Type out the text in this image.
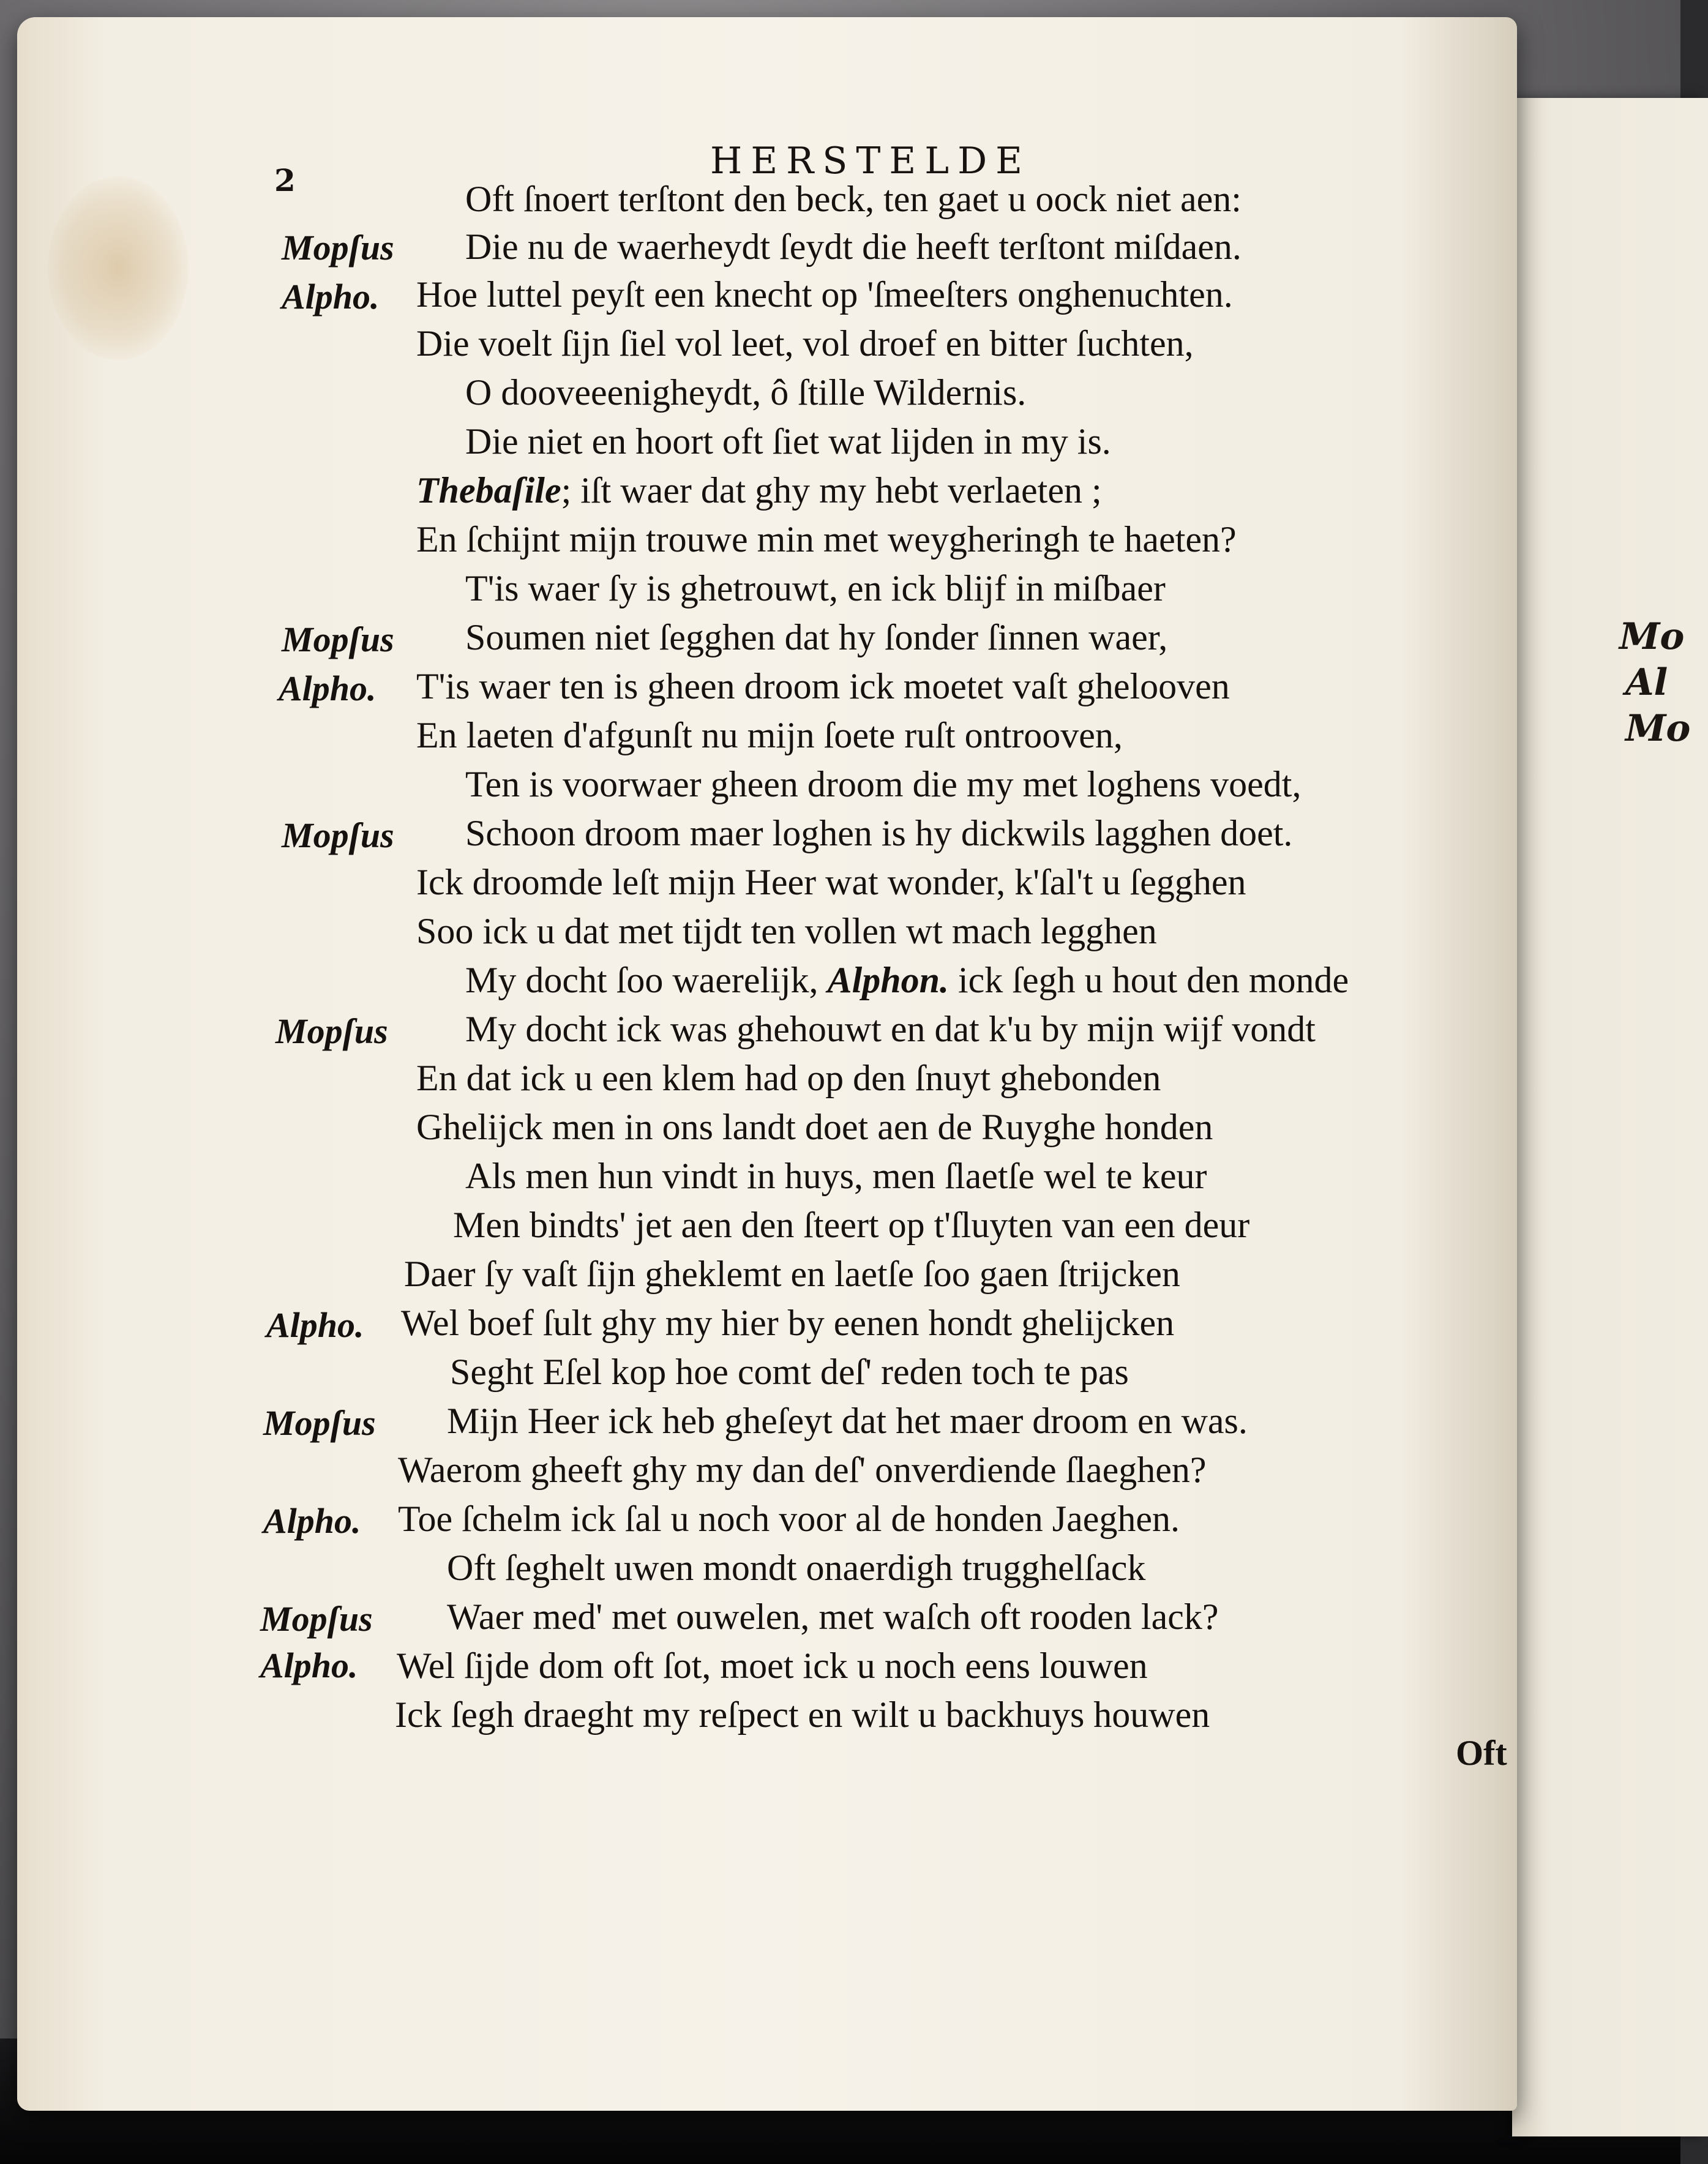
Mo
Al
Mo
2	HERSTELDE
Oft ſnoert terſtont den beck, ten gaet u oock niet aen:
Mopſus Die nu de waerheydt ſeydt die heeft terſtont miſdaen.
Alpho. Hoe luttel peyſt een knecht op 'ſmeeſters onghenuchten.
Die voelt ſijn ſiel vol leet, vol droef en bitter ſuchten,
O dooveeenigheydt, ô ſtille Wildernis.
Die niet en hoort oft ſiet wat lijden in my is.
Thebaſile; iſt waer dat ghy my hebt verlaeten ;
En ſchijnt mijn trouwe min met weygheringh te haeten?
T'is waer ſy is ghetrouwt, en ick blijf in miſbaer
Mopſus Soumen niet ſegghen dat hy ſonder ſinnen waer,
Alpho. T'is waer ten is gheen droom ick moetet vaſt ghelooven
En laeten d'afgunſt nu mijn ſoete ruſt ontrooven,
Ten is voorwaer gheen droom die my met loghens voedt,
Mopſus Schoon droom maer loghen is hy dickwils lagghen doet.
Ick droomde leſt mijn Heer wat wonder, k'ſal't u ſegghen
Soo ick u dat met tijdt ten vollen wt mach legghen
My docht ſoo waerelijk, Alphon. ick ſegh u hout den monde
Mopſus My docht ick was ghehouwt en dat k'u by mijn wijf vondt
En dat ick u een klem had op den ſnuyt ghebonden
Ghelijck men in ons landt doet aen de Ruyghe honden
Als men hun vindt in huys, men ſlaetſe wel te keur
Men bindts' jet aen den ſteert op t'ſluyten van een deur
Daer ſy vaſt ſijn gheklemt en laetſe ſoo gaen ſtrijcken
Alpho. Wel boef ſult ghy my hier by eenen hondt ghelijcken
Seght Eſel kop hoe comt deſ' reden toch te pas
Mopſus Mijn Heer ick heb gheſeyt dat het maer droom en was.
Waerom gheeft ghy my dan deſ' onverdiende ſlaeghen?
Alpho. Toe ſchelm ick ſal u noch voor al de honden Jaeghen.
Oft ſeghelt uwen mondt onaerdigh trugghelſack
Mopſus Waer med' met ouwelen, met waſch oft rooden lack?
Alpho. Wel ſijde dom oft ſot, moet ick u noch eens louwen
Ick ſegh draeght my reſpect en wilt u backhuys houwen
Oft
